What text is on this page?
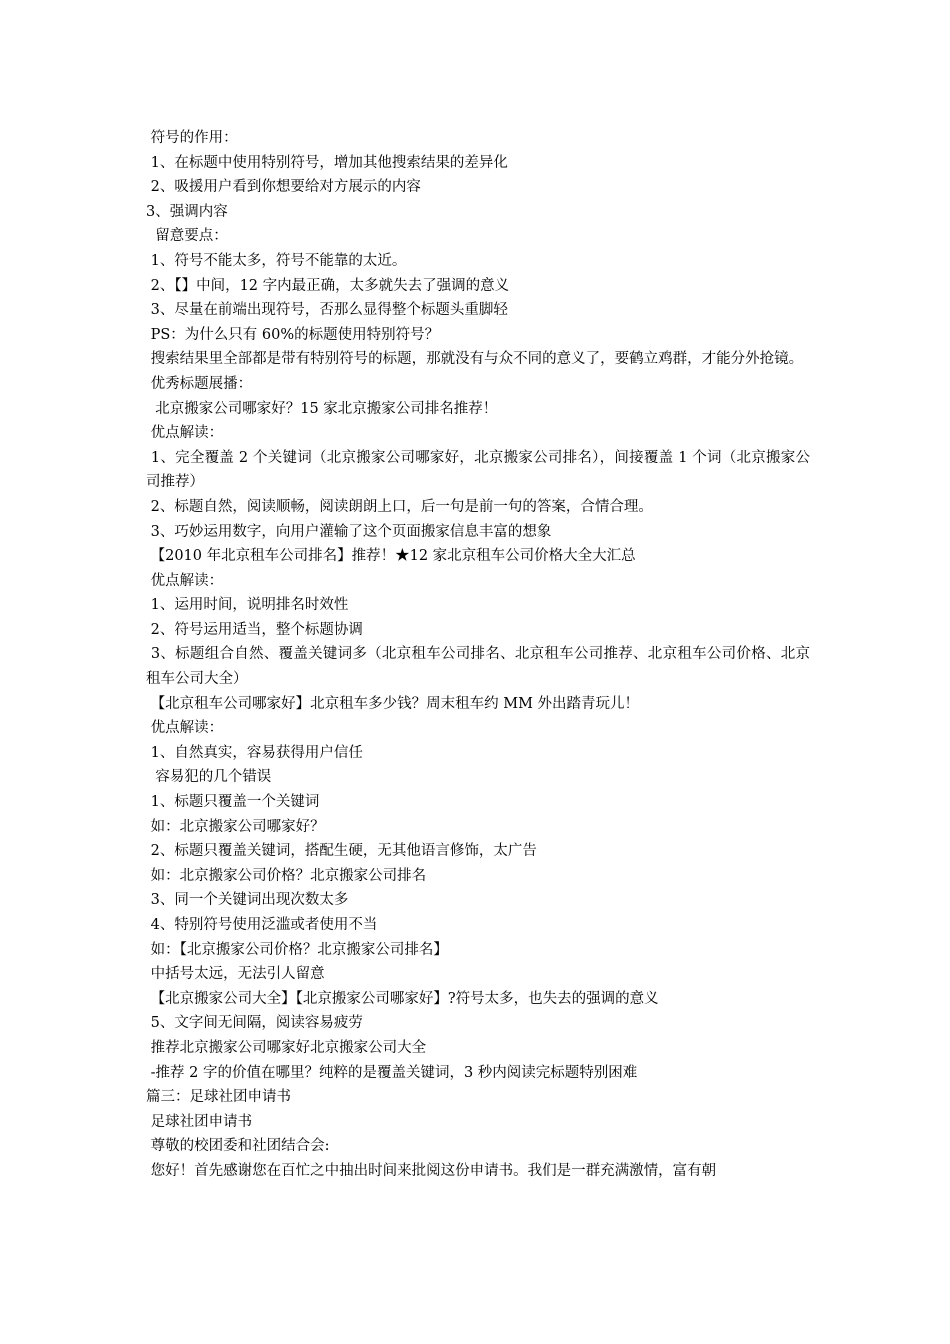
符号的作用：

1、在标题中使用特别符号，增加其他搜索结果的差异化

2、吸援用户看到你想要给对方展示的内容

3、强调内容

留意要点：

1、符号不能太多，符号不能靠的太近。

2、【】中间，12 字内最正确，太多就失去了强调的意义

3、尽量在前端出现符号，否那么显得整个标题头重脚轻

PS：为什么只有 60%的标题使用特别符号？

搜索结果里全部都是带有特别符号的标题，那就没有与众不同的意义了，要鹤立鸡群，才能分外抢镜。

优秀标题展播：

北京搬家公司哪家好？15 家北京搬家公司排名推荐！

优点解读：

1、完全覆盖 2 个关键词（北京搬家公司哪家好，北京搬家公司排名），间接覆盖 1 个词（北京搬家公司推荐）

2、标题自然，阅读顺畅，阅读朗朗上口，后一句是前一句的答案，合情合理。

3、巧妙运用数字，向用户灌输了这个页面搬家信息丰富的想象

【2010 年北京租车公司排名】推荐！★12 家北京租车公司价格大全大汇总

优点解读：

1、运用时间，说明排名时效性

2、符号运用适当，整个标题协调

3、标题组合自然、覆盖关键词多（北京租车公司排名、北京租车公司推荐、北京租车公司价格、北京租车公司大全）

【北京租车公司哪家好】北京租车多少钱？周末租车约 MM 外出踏青玩儿！

优点解读：

1、自然真实，容易获得用户信任

容易犯的几个错误

1、标题只覆盖一个关键词

如：北京搬家公司哪家好？

2、标题只覆盖关键词，搭配生硬，无其他语言修饰，太广告

如：北京搬家公司价格？北京搬家公司排名

3、同一个关键词出现次数太多

4、特别符号使用泛滥或者使用不当

如：【北京搬家公司价格？北京搬家公司排名】

中括号太远，无法引人留意

【北京搬家公司大全】【北京搬家公司哪家好】?符号太多，也失去的强调的意义

5、文字间无间隔，阅读容易疲劳

推荐北京搬家公司哪家好北京搬家公司大全

-推荐 2 字的价值在哪里？纯粹的是覆盖关键词，3 秒内阅读完标题特别困难

篇三：足球社团申请书

足球社团申请书

尊敬的校团委和社团结合会:

您好！首先感谢您在百忙之中抽出时间来批阅这份申请书。我们是一群充满激情，富有朝
